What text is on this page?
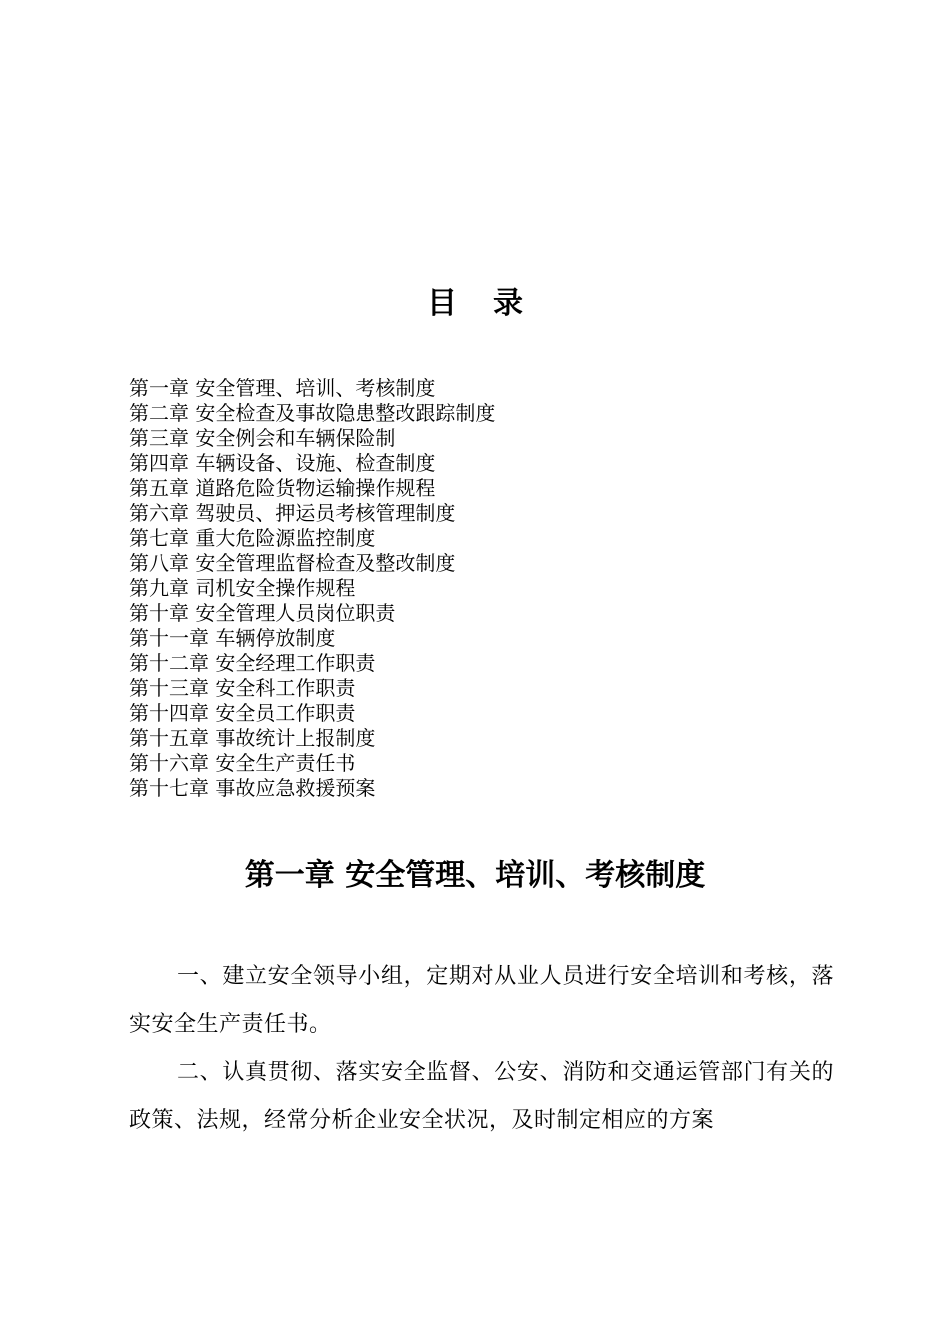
目 录
第一章 安全管理、培训、考核制度
第二章 安全检查及事故隐患整改跟踪制度
第三章 安全例会和车辆保险制
第四章 车辆设备、设施、检查制度
第五章 道路危险货物运输操作规程
第六章 驾驶员、押运员考核管理制度
第七章 重大危险源监控制度
第八章 安全管理监督检查及整改制度
第九章 司机安全操作规程
第十章 安全管理人员岗位职责
第十一章 车辆停放制度
第十二章 安全经理工作职责
第十三章 安全科工作职责
第十四章 安全员工作职责
第十五章 事故统计上报制度
第十六章 安全生产责任书
第十七章 事故应急救援预案
第一章 安全管理、培训、考核制度

一、建立安全领导小组，定期对从业人员进行安全培训和考核，落实安全生产责任书。

二、认真贯彻、落实安全监督、公安、消防和交通运管部门有关的政策、法规，经常分析企业安全状况，及时制定相应的方案
